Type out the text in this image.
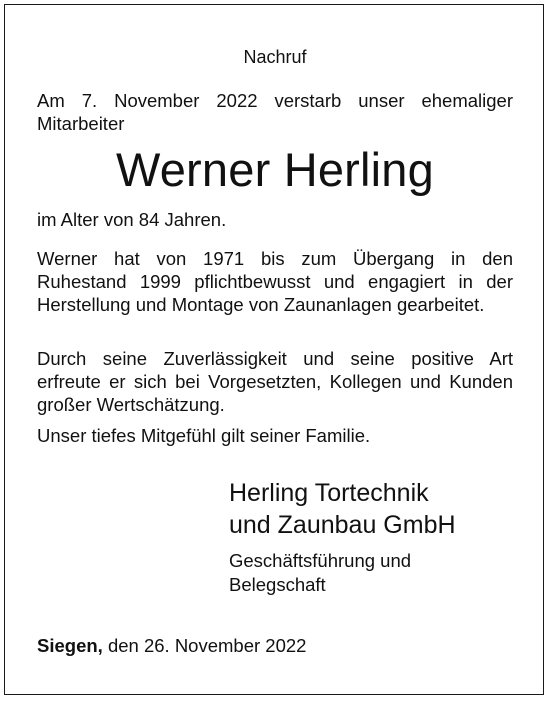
Nachruf
Am 7. November 2022 verstarb unser ehemaliger Mitarbeiter
Werner Herling
im Alter von 84 Jahren.
Werner hat von 1971 bis zum Übergang in den Ruhestand 1999 pflichtbewusst und engagiert in der Herstellung und Montage von Zaunanlagen gearbeitet.
Durch seine Zuverlässigkeit und seine positive Art erfreute er sich bei Vorgesetzten, Kollegen und Kunden großer Wertschätzung.
Unser tiefes Mitgefühl gilt seiner Familie.
Herling Tortechnik
und Zaunbau GmbH
Geschäftsführung und
Belegschaft
Siegen, den 26. November 2022
